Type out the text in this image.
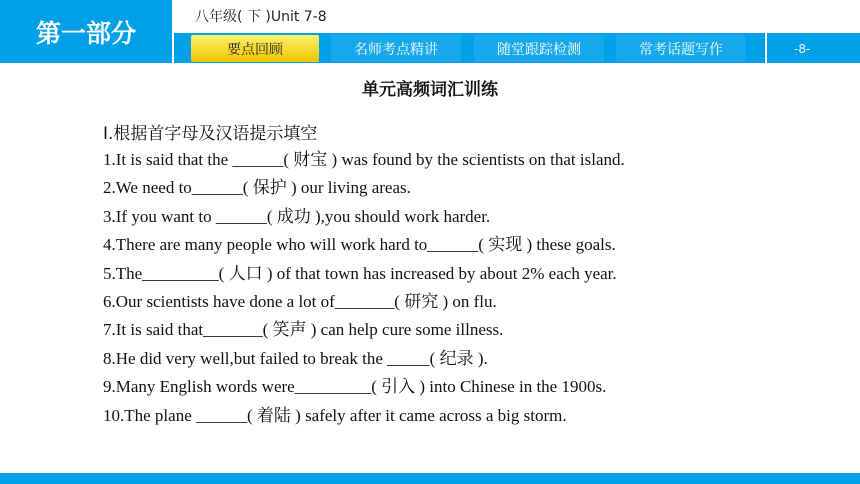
第一部分
八年级( 下 )Unit 7-8
要点回顾	名师考点精讲	随堂跟踪检测	常考话题写作	-8-
单元高频词汇训练
Ⅰ.根据首字母及汉语提示填空
1.It is said that the ______( 财宝 ) was found by the scientists on that island.
2.We need to______( 保护 ) our living areas.
3.If you want to ______( 成功 ),you should work harder.
4.There are many people who will work hard to______( 实现 ) these goals.
5.The_________( 人口 ) of that town has increased by about 2% each year.
6.Our scientists have done a lot of_______( 研究 ) on flu.
7.It is said that_______( 笑声 ) can help cure some illness.
8.He did very well,but failed to break the _____( 纪录 ).
9.Many English words were_________( 引入 ) into Chinese in the 1900s.
10.The plane ______( 着陆 ) safely after it came across a big storm.
